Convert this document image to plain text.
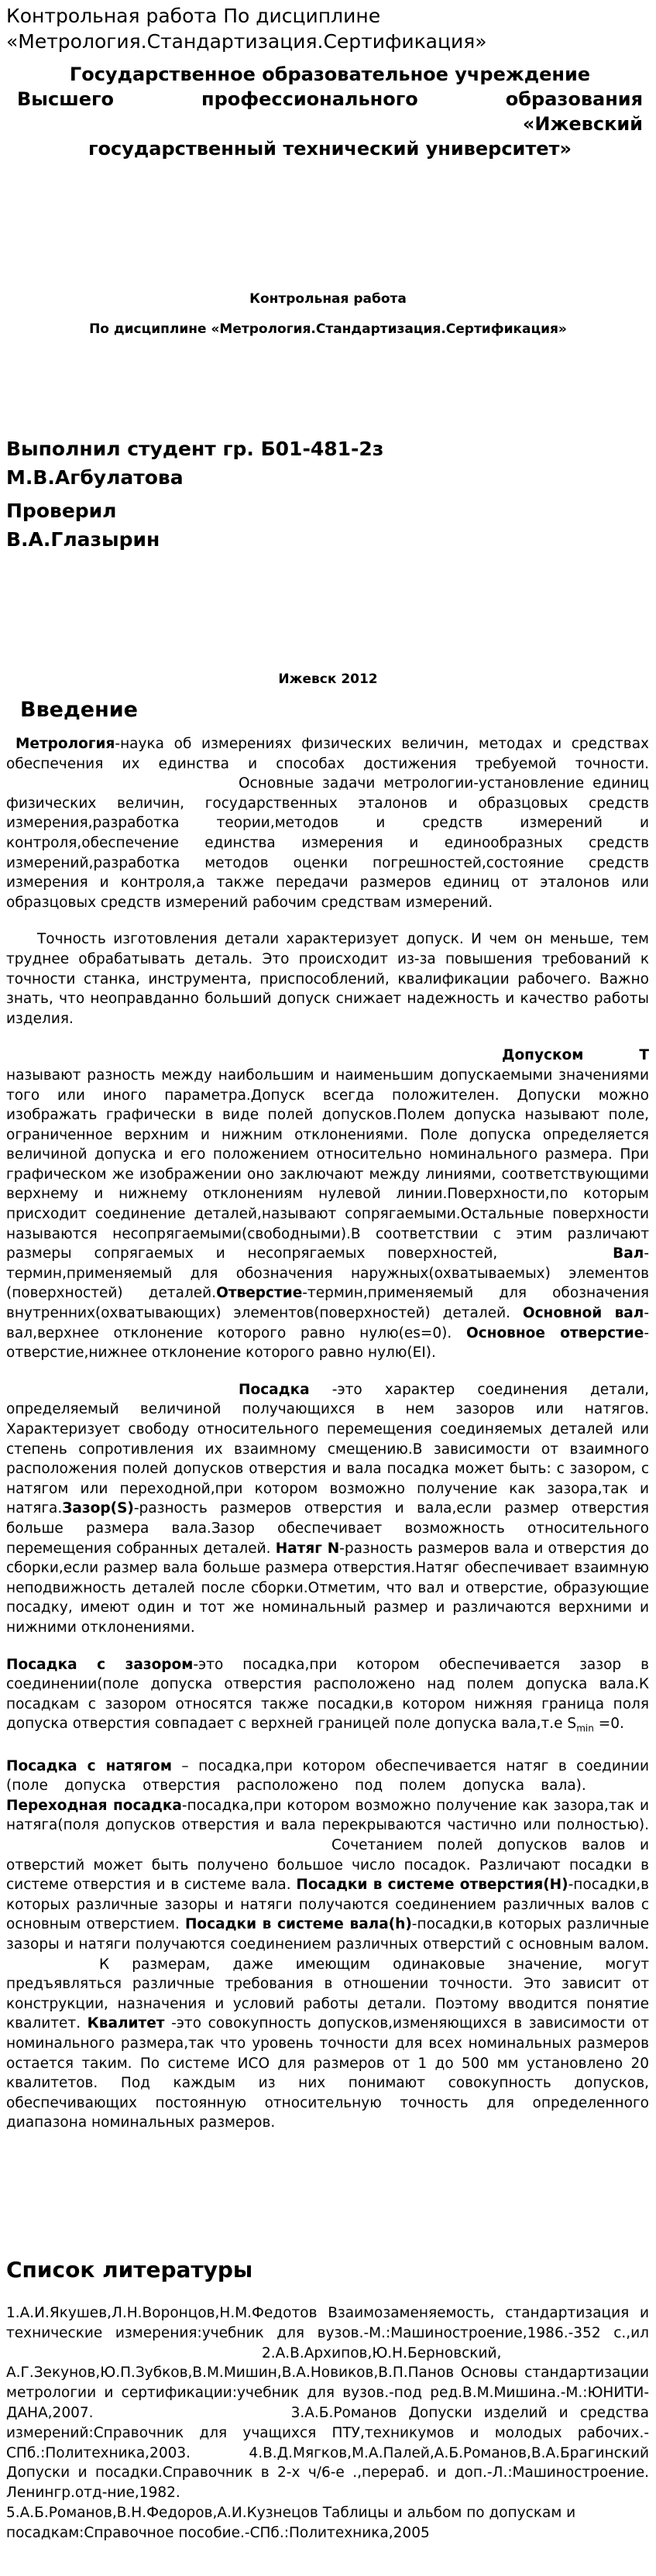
Контрольная работа По дисциплине
«Метрология.Стандартизация.Сертификация»
Государственное образовательное учреждение
Высшего	профессионального образования
«Ижевский
государственный технический университет»
Контрольная работа
По дисциплине «Метрология.Стандартизация.Сертификация»
Выполнил студент гр. Б01-481-2з
М.В.Агбулатова
Проверил
В.А.Глазырин
Ижевск 2012
Введение

Метрология-наука об измерениях физических величин, методах и средствах обеспечения их единства и способах достижения требуемой точности. Основные задачи метрологии-установление единиц физических величин, государственных эталонов и образцовых средств измерения,разработка теории,методов и средств измерений и контроля,обеспечение единства измерения и единообразных средств измерений,разработка методов оценки погрешностей,состояние средств измерения и контроля,а также передачи размеров единиц от эталонов или образцовых средств измерений рабочим средствам измерений.

Точность изготовления детали характеризует допуск. И чем он меньше, тем труднее обрабатывать деталь. Это происходит из-за повышения требований к точности станка, инструмента, приспособлений, квалификации рабочего. Важно знать, что неоправданно больший допуск снижает надежность и качество работы изделия.

Допуском T называют разность между наибольшим и наименьшим допускаемыми значениями того или иного параметра.Допуск всегда положителен. Допуски можно изображать графически в виде полей допусков.Полем допуска называют поле, ограниченное верхним и нижним отклонениями. Поле допуска определяется величиной допуска и его положением относительно номинального размера. При графическом же изображении оно заключают между линиями, соответствующими верхнему и нижнему отклонениям нулевой линии.Поверхности,по которым присходит соединение деталей,называют сопрягаемыми.Остальные поверхности называются несопрягаемыми(свободными).В соответствии с этим различают размеры сопрягаемых и несопрягаемых поверхностей,	Вал-термин,применяемый для обозначения наружных(охватываемых) элементов (поверхностей) деталей.Отверстие-термин,применяемый для обозначения внутренних(охватывающих) элементов(поверхностей) деталей. Основной вал-вал,верхнее отклонение которого равно нулю(es=0). Основное отверстие-отверстие,нижнее отклонение которого равно нулю(EI).

Посадка -это характер соединения детали, определяемый величиной получающихся в нем зазоров или натягов. Характеризует свободу относительного перемещения соединяемых деталей или степень сопротивления их взаимному смещению.В зависимости от взаимного расположения полей допусков отверстия и вала посадка может быть: с зазором, с натягом или переходной,при котором возможно получение как зазора,так и натяга.Зазор(S)-разность размеров отверстия и вала,если размер отверстия больше размера вала.Зазор обеспечивает возможность относительного перемещения собранных деталей. Натяг N-разность размеров вала и отверстия до сборки,если размер вала больше размера отверстия.Натяг обеспечивает взаимную неподвижность деталей после сборки.Отметим, что вал и отверстие, образующие посадку, имеют один и тот же номинальный размер и различаются верхними и нижними отклонениями.

Посадка с зазором-это посадка,при котором обеспечивается зазор в соединении(поле допуска отверстия расположено над полем допуска вала.К посадкам с зазором относятся также посадки,в котором нижняя граница поля допуска отверстия совпадает с верхней границей поле допуска вала,т.е $S_{min} =0$.

Посадка с натягом – посадка,при котором обеспечивается натяг в соединии (поле допуска отверстия расположено под полем допуска вала). Переходная посадка-посадка,при котором возможно получение как зазора,так и натяга(поля допусков отверстия и вала перекрываются частично или полностью). Сочетанием полей допусков валов и отверстий может быть получено большое число посадок. Различают посадки в системе отверстия и в системе вала. Посадки в системе отверстия(H)-посадки,в которых различные зазоры и натяги получаются соединением различных валов с основным отверстием. Посадки в системе вала(h)-посадки,в которых различные зазоры и натяги получаются соединением различных отверстий с основным валом. К размерам, даже имеющим одинаковые значение, могут предъявляться различные требования в отношении точности. Это зависит от конструкции, назначения и условий работы детали. Поэтому вводится понятие квалитет. Квалитет -это совокупность допусков,изменяющихся в зависимости от номинального размера,так что уровень точности для всех номинальных размеров остается таким. По системе ИСО для размеров от 1 до 500 мм установлено 20 квалитетов. Под каждым из них понимают совокупность допусков, обеспечивающих постоянную относительную точность для определенного диапазона номинальных размеров.

Список литературы

1.А.И.Якушев,Л.Н.Воронцов,Н.М.Федотов Взаимозаменяемость, стандартизация и технические измерения:учебник для вузов.-М.:Машиностроение,1986.-352 с.,ил 2.А.В.Архипов,Ю.Н.Берновский, А.Г.Зекунов,Ю.П.Зубков,В.М.Мишин,В.А.Новиков,В.П.Панов Основы стандартизации метрологии и сертификации:учебник для вузов.-под ред.В.М.Мишина.-М.:ЮНИТИ-ДАНА,2007.	3.А.Б.Романов Допуски изделий и средства измерений:Справочник для учащихся ПТУ,техникумов и молодых рабочих.-СПб.:Политехника,2003.	4.В.Д.Мягков,М.А.Палей,А.Б.Романов,В.А.Брагинский Допуски и посадки.Справочник в 2-х ч/6-е .,перераб. и доп.-Л.:Машиностроение. Ленингр.отд-ние,1982.

5.А.Б.Романов,В.Н.Федоров,А.И.Кузнецов Таблицы и альбом по допускам и посадкам:Справочное пособие.-СПб.:Политехника,2005
